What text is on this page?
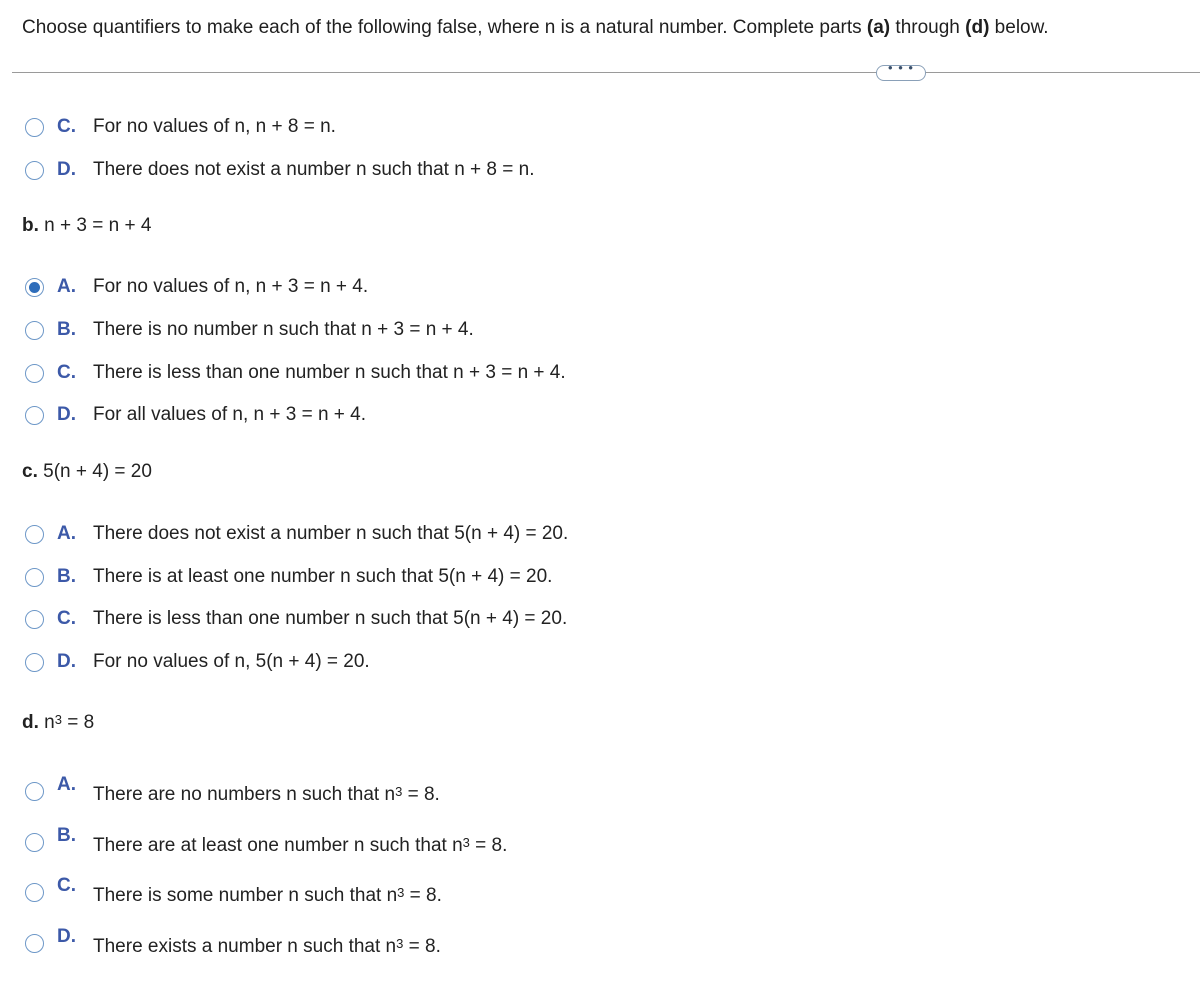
Choose quantifiers to make each of the following false, where n is a natural number. Complete parts (a) through (d) below.
• • •
C. For no values of n, n + 8 = n.
D. There does not exist a number n such that n + 8 = n.
b. n + 3 = n + 4
A. For no values of n, n + 3 = n + 4.
B. There is no number n such that n + 3 = n + 4.
C. There is less than one number n such that n + 3 = n + 4.
D. For all values of n, n + 3 = n + 4.
c. 5(n + 4) = 20
A. There does not exist a number n such that 5(n + 4) = 20.
B. There is at least one number n such that 5(n + 4) = 20.
C. There is less than one number n such that 5(n + 4) = 20.
D. For no values of n, 5(n + 4) = 20.
d. $n^3 = 8$
A. There are no numbers n such that $n^3 = 8$.
B. There are at least one number n such that $n^3 = 8$.
C. There is some number n such that $n^3 = 8$.
D. There exists a number n such that $n^3 = 8$.
